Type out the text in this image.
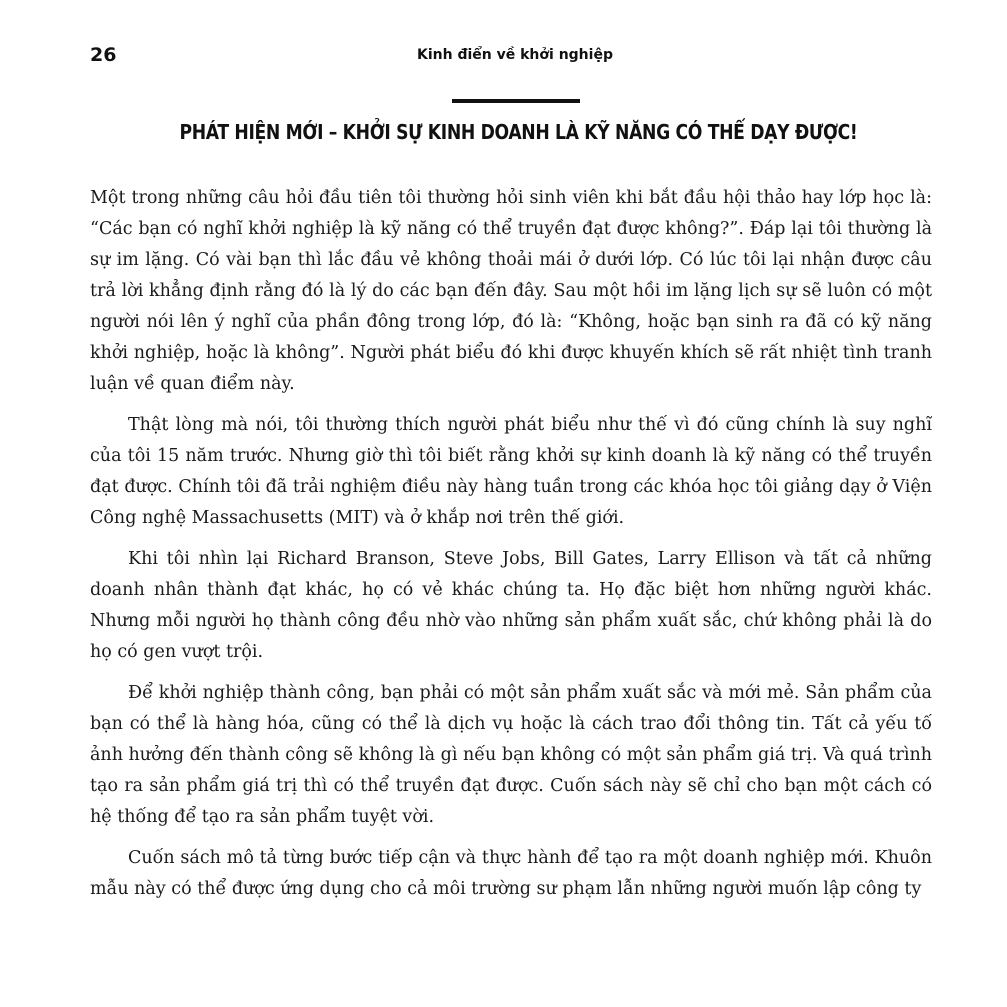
26	Kinh điển về khởi nghiệp
PHÁT HIỆN MỚI – KHỞI SỰ KINH DOANH LÀ KỸ NĂNG CÓ THỂ DẠY ĐƯỢC!

Một trong những câu hỏi đầu tiên tôi thường hỏi sinh viên khi bắt đầu hội thảo hay lớp học là: “Các bạn có nghĩ khởi nghiệp là kỹ năng có thể truyền đạt được không?”. Đáp lại tôi thường là sự im lặng. Có vài bạn thì lắc đầu vẻ không thoải mái ở dưới lớp. Có lúc tôi lại nhận được câu trả lời khẳng định rằng đó là lý do các bạn đến đây. Sau một hồi im lặng lịch sự sẽ luôn có một người nói lên ý nghĩ của phần đông trong lớp, đó là: “Không, hoặc bạn sinh ra đã có kỹ năng khởi nghiệp, hoặc là không”. Người phát biểu đó khi được khuyến khích sẽ rất nhiệt tình tranh luận về quan điểm này.

Thật lòng mà nói, tôi thường thích người phát biểu như thế vì đó cũng chính là suy nghĩ của tôi 15 năm trước. Nhưng giờ thì tôi biết rằng khởi sự kinh doanh là kỹ năng có thể truyền đạt được. Chính tôi đã trải nghiệm điều này hàng tuần trong các khóa học tôi giảng dạy ở Viện Công nghệ Massachusetts (MIT) và ở khắp nơi trên thế giới.

Khi tôi nhìn lại Richard Branson, Steve Jobs, Bill Gates, Larry Ellison và tất cả những doanh nhân thành đạt khác, họ có vẻ khác chúng ta. Họ đặc biệt hơn những người khác. Nhưng mỗi người họ thành công đều nhờ vào những sản phẩm xuất sắc, chứ không phải là do họ có gen vượt trội.

Để khởi nghiệp thành công, bạn phải có một sản phẩm xuất sắc và mới mẻ. Sản phẩm của bạn có thể là hàng hóa, cũng có thể là dịch vụ hoặc là cách trao đổi thông tin. Tất cả yếu tố ảnh hưởng đến thành công sẽ không là gì nếu bạn không có một sản phẩm giá trị. Và quá trình tạo ra sản phẩm giá trị thì có thể truyền đạt được. Cuốn sách này sẽ chỉ cho bạn một cách có hệ thống để tạo ra sản phẩm tuyệt vời.

Cuốn sách mô tả từng bước tiếp cận và thực hành để tạo ra một doanh nghiệp mới. Khuôn mẫu này có thể được ứng dụng cho cả môi trường sư phạm lẫn những người muốn lập công ty
